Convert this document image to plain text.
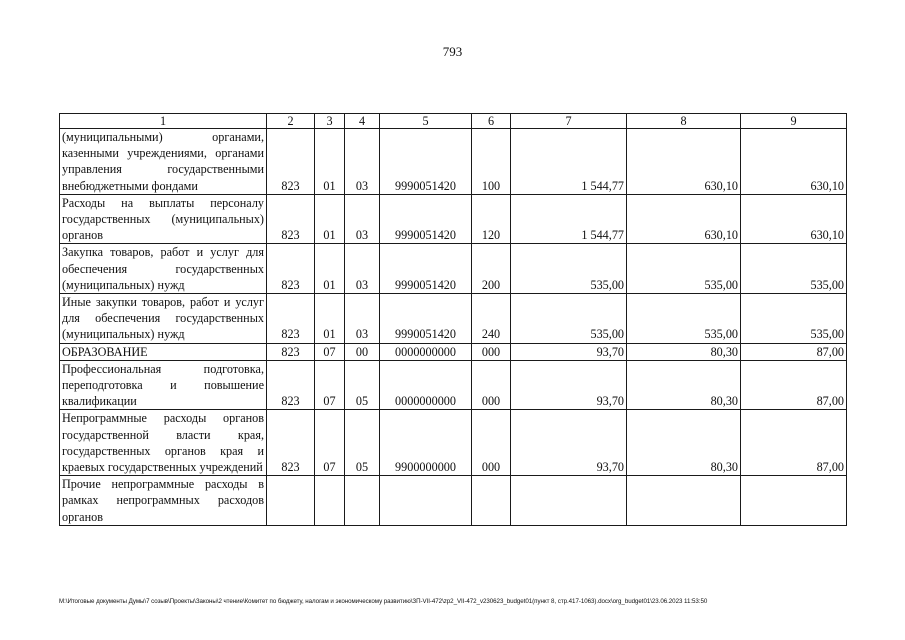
793
1	2	3	4	5	6	7	8	9
(муниципальными) органами, казенными учреждениями, органами управления государственными внебюджетными фондами	823	01	03	9990051420	100	1 544,77	630,10	630,10
Расходы на выплаты персоналу государственных (муниципальных) органов	823	01	03	9990051420	120	1 544,77	630,10	630,10
Закупка товаров, работ и услуг для обеспечения государственных (муниципальных) нужд	823	01	03	9990051420	200	535,00	535,00	535,00
Иные закупки товаров, работ и услуг для обеспечения государственных (муниципальных) нужд	823	01	03	9990051420	240	535,00	535,00	535,00
ОБРАЗОВАНИЕ	823	07	00	0000000000	000	93,70	80,30	87,00
Профессиональная подготовка, переподготовка и повышение квалификации	823	07	05	0000000000	000	93,70	80,30	87,00
Непрограммные расходы органов государственной власти края, государственных органов края и краевых государственных учреждений	823	07	05	9900000000	000	93,70	80,30	87,00
Прочие непрограммные расходы в рамках непрограммных расходов органов								
М:\Итоговые документы Думы\7 созыв\Проекты\Законы\2 чтение\Комитет по бюджету, налогам и экономическому развитию\ЗП-VII-472\zp2_VII-472_v230623_budget01(пункт 8, стр.417-1063).docx\org_budget01\23.06.2023 11:53:50
